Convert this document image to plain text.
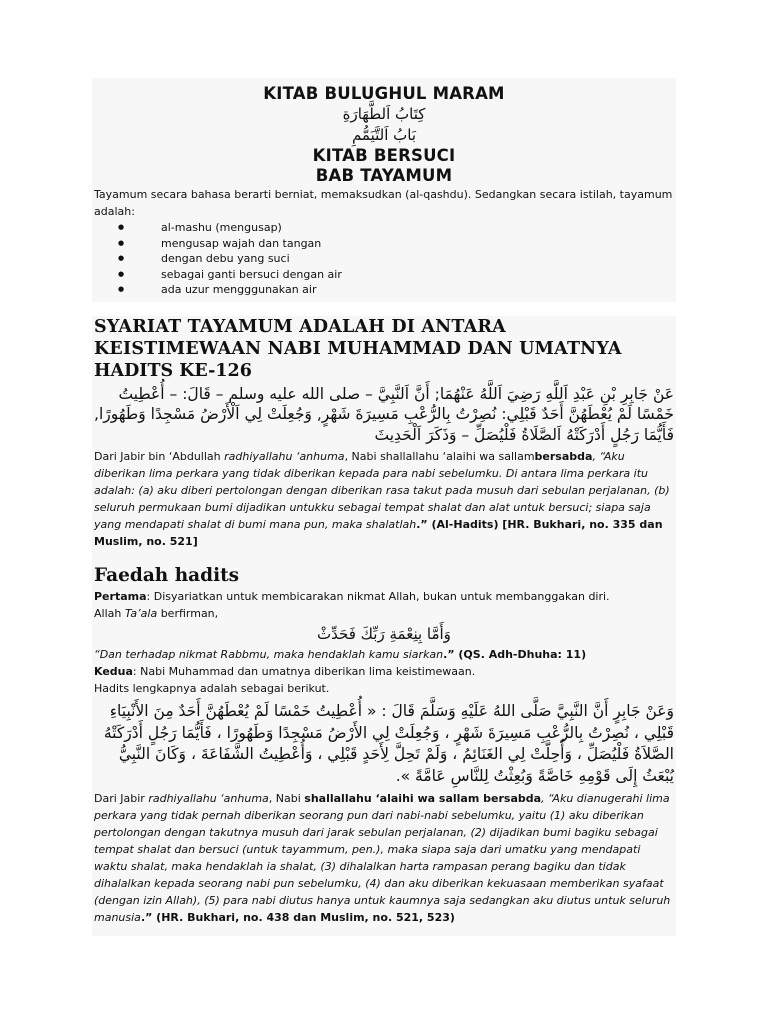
KITAB BULUGHUL MARAM
كِتَابُ اَلطَّهَارَةِ
بَابُ اَلتَّيَمُّمِ
KITAB BERSUCI
BAB TAYAMUM

Tayamum secara bahasa berarti berniat, memaksudkan (al-qashdu). Sedangkan secara istilah, tayamum adalah:

● al-mashu (mengusap)
● mengusap wajah dan tangan
● dengan debu yang suci
● sebagai ganti bersuci dengan air
● ada uzur mengggunakan air
SYARIAT TAYAMUM ADALAH DI ANTARA KEISTIMEWAAN NABI MUHAMMAD DAN UMATNYA
HADITS KE-126
عَنْ جَابِرِ بْنِ عَبْدِ اَللَّهِ رَضِيَ اَللَّهُ عَنْهُمَا; أَنَّ اَلنَّبِيَّ – صلى الله عليه وسلم – قَالَ: – أُعْطِيتُ خَمْسًا لَمْ يُعْطَهُنَّ أَحَدٌ قَبْلِي: نُصِرْتُ بِالرُّعْبِ مَسِيرَةَ شَهْرٍ, وَجُعِلَتْ لِي اَلْأَرْضُ مَسْجِدًا وَطَهُورًا, فَأَيُّمَا رَجُلٍ أَدْرَكَتْهُ اَلصَّلَاةُ فَلْيُصَلِّ – وَذَكَرَ اَلْحَدِيثَ

Dari Jabir bin ‘Abdullah radhiyallahu ‘anhuma, Nabi shallallahu ‘alaihi wa sallambersabda, “Aku diberikan lima perkara yang tidak diberikan kepada para nabi sebelumku. Di antara lima perkara itu adalah: (a) aku diberi pertolongan dengan diberikan rasa takut pada musuh dari sebulan perjalanan, (b) seluruh permukaan bumi dijadikan untukku sebagai tempat shalat dan alat untuk bersuci; siapa saja yang mendapati shalat di bumi mana pun, maka shalatlah.” (Al-Hadits) [HR. Bukhari, no. 335 dan Muslim, no. 521]

Faedah hadits

Pertama: Disyariatkan untuk membicarakan nikmat Allah, bukan untuk membanggakan diri.

Allah Ta’ala berfirman,

وَأَمَّا بِنِعْمَةِ رَبِّكَ فَحَدِّثْ

“Dan terhadap nikmat Rabbmu, maka hendaklah kamu siarkan.” (QS. Adh-Dhuha: 11)

Kedua: Nabi Muhammad dan umatnya diberikan lima keistimewaan.

Hadits lengkapnya adalah sebagai berikut.

وَعَنْ جَابِرٍ أَنَّ النَّبِيَّ صَلَّى اللهُ عَلَيْهِ وَسَلَّمَ قَالَ : « أُعْطِيتُ خَمْسًا لَمْ يُعْطَهُنَّ أَحَدٌ مِنَ الأَنْبِيَاءِ قَبْلِي ، نُصِرْتُ بِالرُّعْبِ مَسِيرَةَ شَهْرٍ ، وَجُعِلَتْ لِي الأَرْضُ مَسْجِدًا وَطَهُورًا ، فَأَيُّمَا رَجُلٍ أَدْرَكَتْهُ الصَّلاَةُ فَلْيُصَلِّ ، وَأُحِلَّتْ لِي الغَنَائِمُ ، وَلَمْ تَحِلَّ لِأَحَدٍ قَبْلِي ، وَأُعْطِيتُ الشَّفَاعَةَ ، وَكَانَ النَّبِيُّ يُبْعَثُ إِلَى قَوْمِهِ خَاصَّةً وَبُعِثْتُ لِلنَّاسِ عَامَّةً ».

Dari Jabir radhiyallahu ‘anhuma, Nabi shallallahu ‘alaihi wa sallam bersabda, “Aku dianugerahi lima perkara yang tidak pernah diberikan seorang pun dari nabi-nabi sebelumku, yaitu (1) aku diberikan pertolongan dengan takutnya musuh dari jarak sebulan perjalanan, (2) dijadikan bumi bagiku sebagai tempat shalat dan bersuci (untuk tayammum, pen.), maka siapa saja dari umatku yang mendapati waktu shalat, maka hendaklah ia shalat, (3) dihalalkan harta rampasan perang bagiku dan tidak dihalalkan kepada seorang nabi pun sebelumku, (4) dan aku diberikan kekuasaan memberikan syafaat (dengan izin Allah), (5) para nabi diutus hanya untuk kaumnya saja sedangkan aku diutus untuk seluruh manusia.” (HR. Bukhari, no. 438 dan Muslim, no. 521, 523)
